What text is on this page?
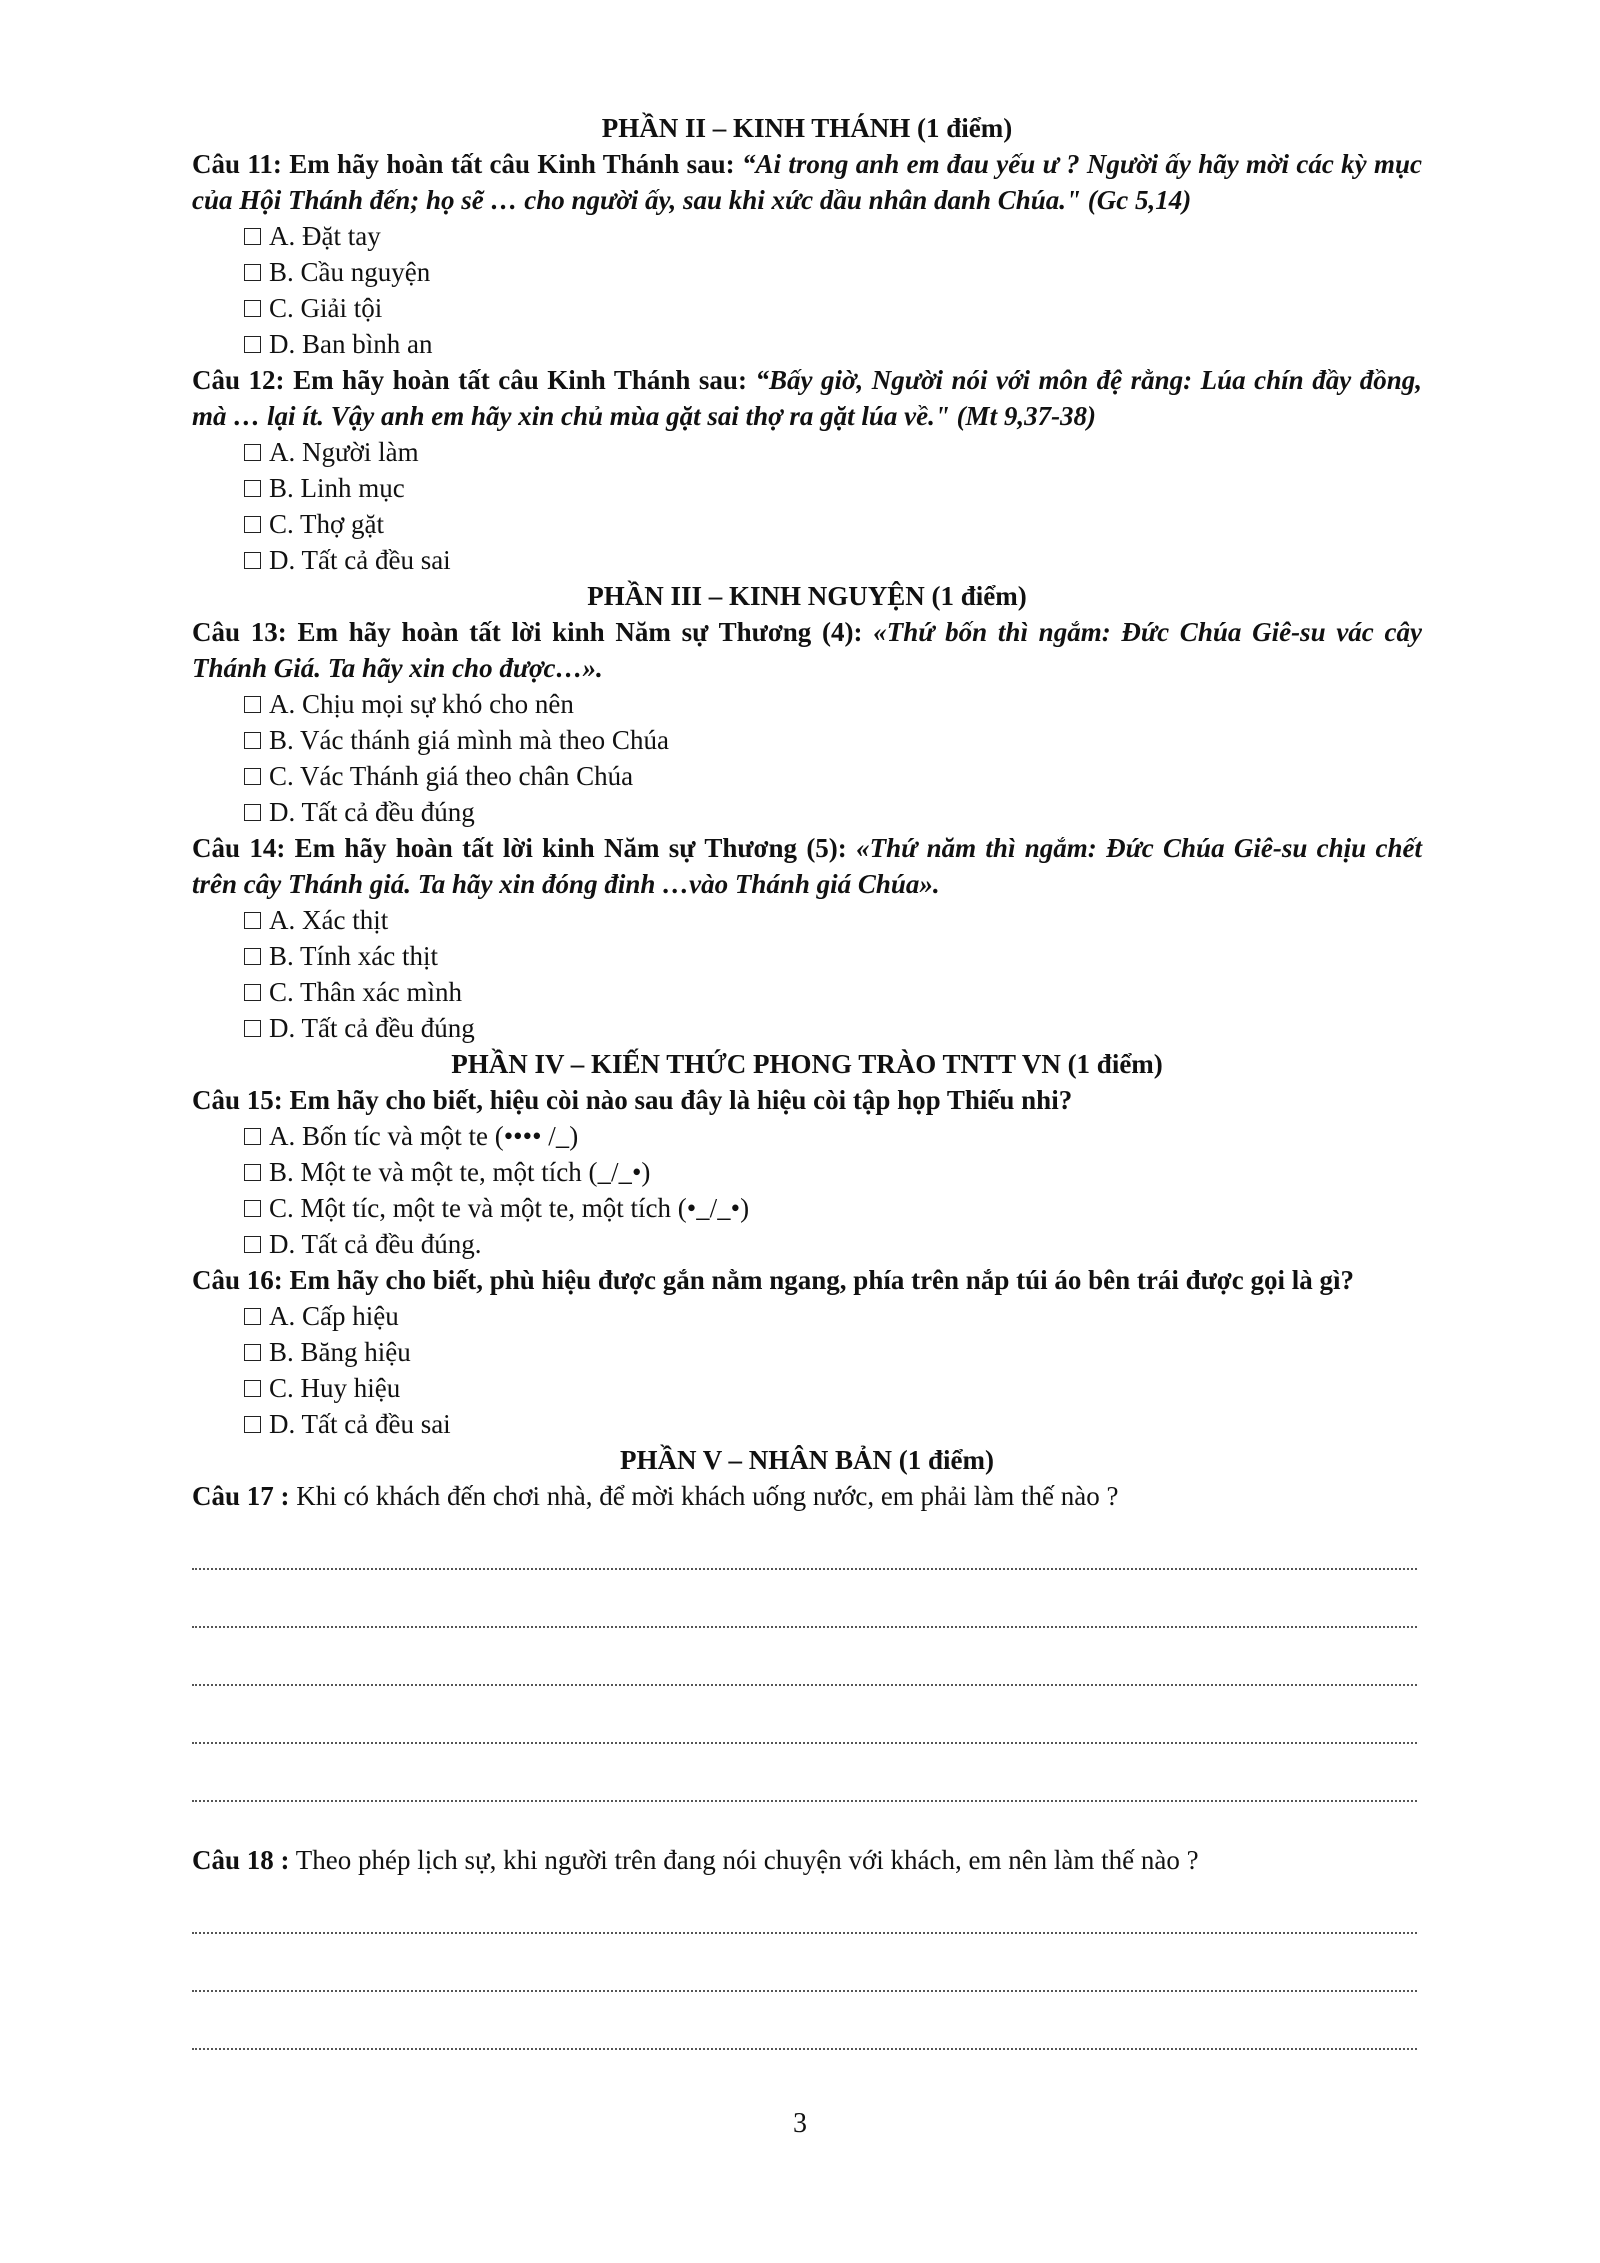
PHẦN II – KINH THÁNH (1 điểm)

Câu 11: Em hãy hoàn tất câu Kinh Thánh sau: “Ai trong anh em đau yếu ư ? Người ấy hãy mời các kỳ mục của Hội Thánh đến; họ sẽ … cho người ấy, sau khi xức dầu nhân danh Chúa." (Gc 5,14)

A. Đặt tay
B. Cầu nguyện
C. Giải tội
D. Ban bình an

Câu 12: Em hãy hoàn tất câu Kinh Thánh sau: “Bấy giờ, Người nói với môn đệ rằng: Lúa chín đầy đồng, mà … lại ít. Vậy anh em hãy xin chủ mùa gặt sai thợ ra gặt lúa về." (Mt 9,37-38)

A. Người làm
B. Linh mục
C. Thợ gặt
D. Tất cả đều sai

PHẦN III – KINH NGUYỆN (1 điểm)

Câu 13: Em hãy hoàn tất lời kinh Năm sự Thương (4): «Thứ bốn thì ngắm: Đức Chúa Giê-su vác cây Thánh Giá. Ta hãy xin cho được…».

A. Chịu mọi sự khó cho nên
B. Vác thánh giá mình mà theo Chúa
C. Vác Thánh giá theo chân Chúa
D. Tất cả đều đúng

Câu 14: Em hãy hoàn tất lời kinh Năm sự Thương (5): «Thứ năm thì ngắm: Đức Chúa Giê-su chịu chết trên cây Thánh giá. Ta hãy xin đóng đinh …vào Thánh giá Chúa».

A. Xác thịt
B. Tính xác thịt
C. Thân xác mình
D. Tất cả đều đúng

PHẦN IV – KIẾN THỨC PHONG TRÀO TNTT VN (1 điểm)

Câu 15: Em hãy cho biết, hiệu còi nào sau đây là hiệu còi tập họp Thiếu nhi?

A. Bốn tíc và một te (•••• / ̲ )
B. Một te và một te, một tích ( ̲ / ̲ •)
C. Một tíc, một te và một te, một tích (• ̲ / ̲ •)
D. Tất cả đều đúng.

Câu 16: Em hãy cho biết, phù hiệu được gắn nằm ngang, phía trên nắp túi áo bên trái được gọi là gì?

A. Cấp hiệu
B. Băng hiệu
C. Huy hiệu
D. Tất cả đều sai

PHẦN V – NHÂN BẢN (1 điểm)

Câu 17 : Khi có khách đến chơi nhà, để mời khách uống nước, em phải làm thế nào ?

Câu 18 : Theo phép lịch sự, khi người trên đang nói chuyện với khách, em nên làm thế nào ?

3
